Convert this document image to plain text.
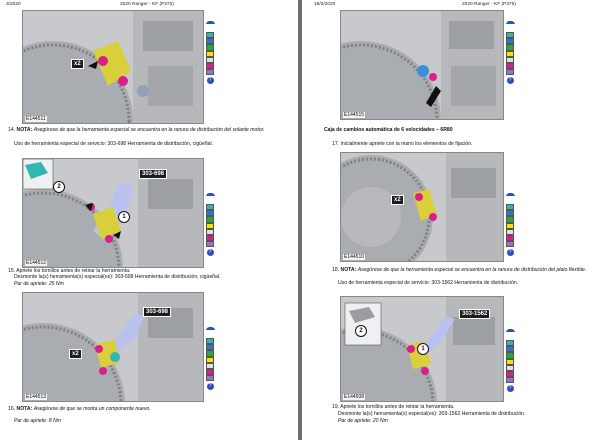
3/2020	2020 Ranger - KF (P375)
x2
E144511
?
14. NOTA: Asegúrese de que la herramienta especial se encuentra en la ranura de distribución del volante motor.
Uso de herramienta especial de servicio: 303-698 Herramienta de distribución, cigüeñal.
303-698
2
1
E144512
?
15. Apriete los tornillos antes de retirar la herramienta.
Desmonte la(s) herramienta(s) especial(es): 303-698 Herramienta de distribución, cigüeñal.
Par de apriete: 25 Nm
303-698
x2
E144513
?
16. NOTA: Asegúrese de que se monta un componente nuevo.
Par de apriete: 8 Nm
18/3/2020	2020 Ranger - KF (P375)
E144515
?
Caja de cambios automática de 6 velocidades – 6R80
17. Inicialmente apriete con la mano los elementos de fijación.
x2
E144510
?
18. NOTA: Asegúrese de que la herramienta especial se encuentra en la ranura de distribución del plato flexible.
Uso de herramienta especial de servicio: 303-1562 Herramienta de distribución.
303-1562
2
1
E144508
?
19. Apriete los tornillos antes de retirar la herramienta.
Desmonte la(s) herramienta(s) especial(es): 303-1562 Herramienta de distribución.
Par de apriete: 20 Nm
